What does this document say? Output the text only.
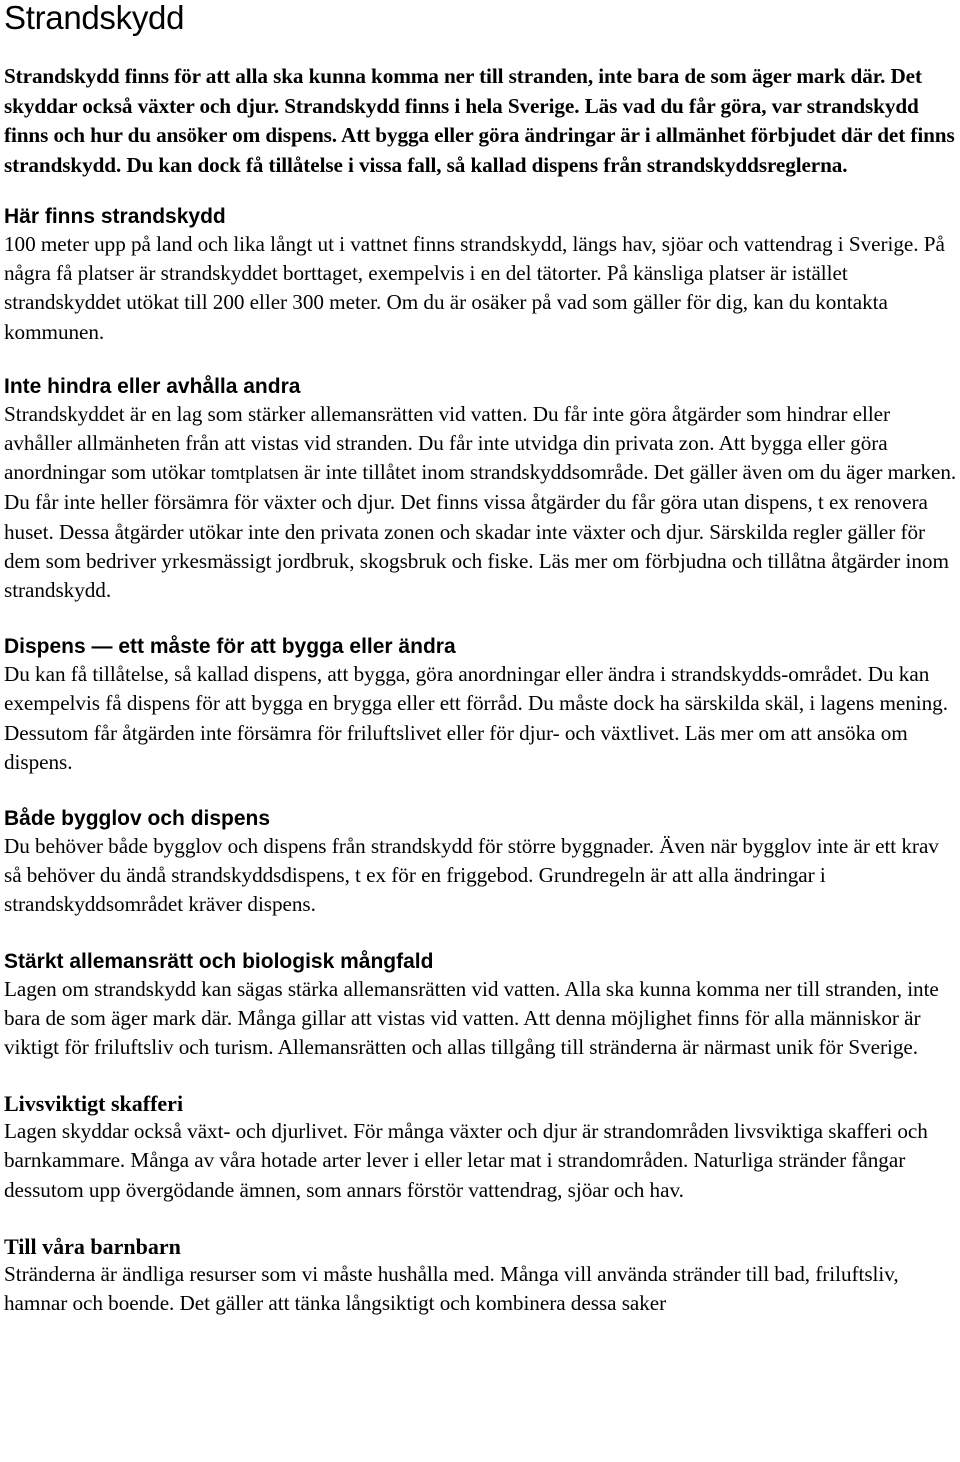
Strandskydd

Strandskydd finns för att alla ska kunna komma ner till stranden, inte bara de som äger mark där. Det skyddar också växter och djur. Strandskydd finns i hela Sverige. Läs vad du får göra, var strandskydd finns och hur du ansöker om dispens. Att bygga eller göra ändringar är i allmänhet förbjudet där det finns strandskydd. Du kan dock få tillåtelse i vissa fall, så kallad dispens från strandskyddsreglerna.

Här finns strandskydd

100 meter upp på land och lika långt ut i vattnet finns strandskydd, längs hav, sjöar och vattendrag i Sverige. På några få platser är strandskyddet borttaget, exempelvis i en del tätorter. På känsliga platser är istället strandskyddet utökat till 200 eller 300 meter. Om du är osäker på vad som gäller för dig, kan du kontakta kommunen.

Inte hindra eller avhålla andra

Strandskyddet är en lag som stärker allemansrätten vid vatten. Du får inte göra åtgärder som hindrar eller avhåller allmänheten från att vistas vid stranden. Du får inte utvidga din privata zon. Att bygga eller göra anordningar som utökar tomtplatsen är inte tillåtet inom strandskyddsområde. Det gäller även om du äger marken. Du får inte heller försämra för växter och djur. Det finns vissa åtgärder du får göra utan dispens, t ex renovera huset. Dessa åtgärder utökar inte den privata zonen och skadar inte växter och djur. Särskilda regler gäller för dem som bedriver yrkesmässigt jordbruk, skogsbruk och fiske. Läs mer om förbjudna och tillåtna åtgärder inom strandskydd.

Dispens — ett måste för att bygga eller ändra

Du kan få tillåtelse, så kallad dispens, att bygga, göra anordningar eller ändra i strandskydds-området. Du kan exempelvis få dispens för att bygga en brygga eller ett förråd. Du måste dock ha särskilda skäl, i lagens mening. Dessutom får åtgärden inte försämra för friluftslivet eller för djur- och växtlivet. Läs mer om att ansöka om dispens.

Både bygglov och dispens

Du behöver både bygglov och dispens från strandskydd för större byggnader. Även när bygglov inte är ett krav så behöver du ändå strandskyddsdispens, t ex för en friggebod. Grundregeln är att alla ändringar i strandskyddsområdet kräver dispens.

Stärkt allemansrätt och biologisk mångfald

Lagen om strandskydd kan sägas stärka allemansrätten vid vatten. Alla ska kunna komma ner till stranden, inte bara de som äger mark där. Många gillar att vistas vid vatten. Att denna möjlighet finns för alla människor är viktigt för friluftsliv och turism. Allemansrätten och allas tillgång till stränderna är närmast unik för Sverige.

Livsviktigt skafferi

Lagen skyddar också växt- och djurlivet. För många växter och djur är strandområden livsviktiga skafferi och barnkammare. Många av våra hotade arter lever i eller letar mat i strandområden. Naturliga stränder fångar dessutom upp övergödande ämnen, som annars förstör vattendrag, sjöar och hav.

Till våra barnbarn

Stränderna är ändliga resurser som vi måste hushålla med. Många vill använda stränder till bad, friluftsliv, hamnar och boende. Det gäller att tänka långsiktigt och kombinera dessa saker
